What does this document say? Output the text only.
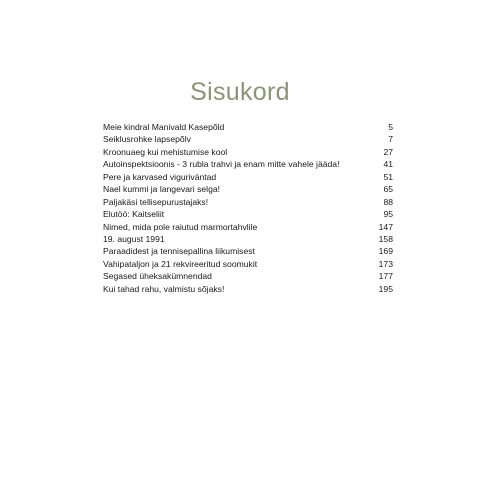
Sisukord
Meie kindral Manivald Kasepõld	5
Seiklusrohke lapsepõlv	7
Kroonuaeg kui mehistumise kool	27
Autoinspektsioonis - 3 rubla trahvi ja enam mitte vahele jääda!	41
Pere ja karvased viguriväntad	51
Nael kummi ja langevari selga!	65
Paljakäsi tellisepurustajaks!	88
Elutöö: Kaitseliit	95
Nimed, mida pole raiutud marmortahvlile	147
19. august 1991	158
Paraadidest ja tennisepallina liikumisest	169
Vahipataljon ja 21 rekvireeritud soomukit	173
Segased üheksakümnendad	177
Kui tahad rahu, valmistu sõjaks!	195
